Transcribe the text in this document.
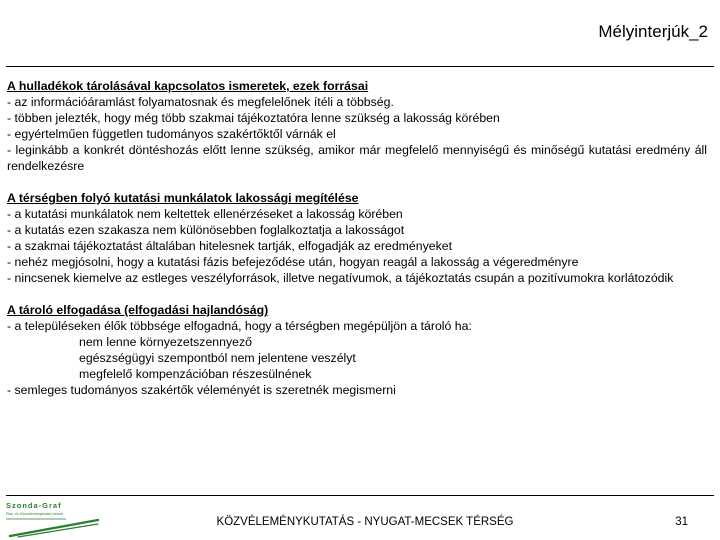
Mélyinterjúk_2
A hulladékok tárolásával kapcsolatos ismeretek, ezek forrásai
- az információáramlást folyamatosnak és megfelelőnek ítéli a többség.
- többen jelezték, hogy még több szakmai tájékoztatóra lenne szükség a lakosság körében
- egyértelműen független tudományos szakértőktől várnák el
- leginkább a konkrét döntéshozás előtt lenne szükség, amikor már megfelelő mennyiségű és minőségű kutatási eredmény áll rendelkezésre
A térségben folyó kutatási munkálatok lakossági megítélése
- a kutatási munkálatok nem keltettek ellenérzéseket a lakosság körében
- a kutatás ezen szakasza nem különösebben foglalkoztatja a lakosságot
- a szakmai tájékoztatást általában hitelesnek tartják, elfogadják az eredményeket
- nehéz megjósolni, hogy a kutatási fázis befejeződése után, hogyan reagál a lakosság a végeredményre
- nincsenek kiemelve az estleges veszélyforrások, illetve negatívumok, a tájékoztatás csupán a pozitívumokra korlátozódik
A tároló elfogadása (elfogadási hajlandóság)
- a településeken élők többsége elfogadná, hogy a térségben megépüljön a tároló ha:
nem lenne környezetszennyező
egészségügyi szempontból nem jelentene veszélyt
megfelelő kompenzációban részesülnének
- semleges tudományos szakértők véleményét is szeretnék megismerni
Szonda-Graf
Piac- és Közvéleménykutató Intézet
KÖZVÉLEMÉNYKUTATÁS - NYUGAT-MECSEK TÉRSÉG	31
